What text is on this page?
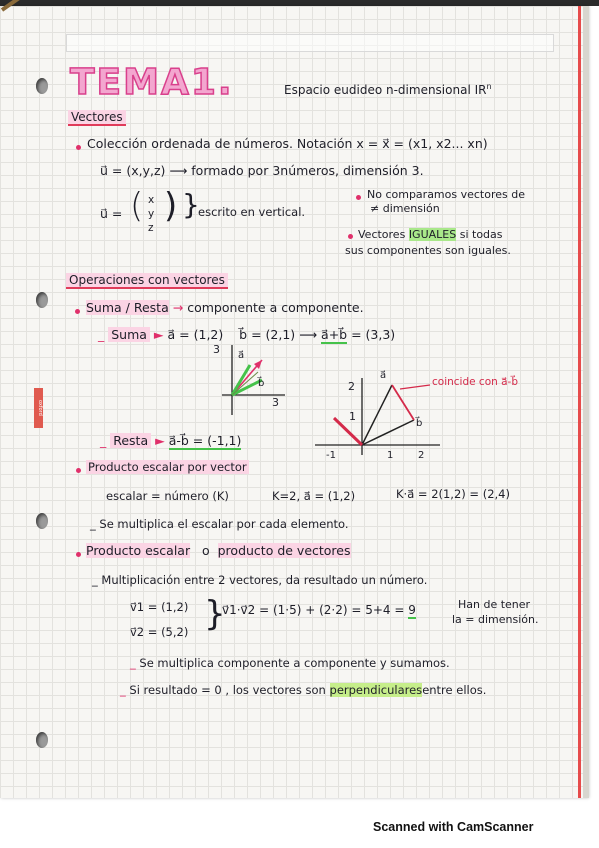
oxford
TEMA1.	Espacio eudideo n-dimensional $IR^n$
Vectores
Colección ordenada de números. Notación x = x⃗ = (x1, x2... xn)
u⃗ = (x,y,z) ⟶ formado por 3números, dimensión 3.
u⃗ = ( x
y
z
) }
escrito en vertical.
No comparamos vectores de
≠ dimensión
Vectores IGUALES si todas
sus componentes son iguales.
Operaciones con vectores
Suma / Resta → componente a componente.
_ Suma ► a⃗ = (1,2) b⃗ = (2,1) ⟶ a⃗+b⃗ = (3,3)
3
3
a⃗
b⃗	2
1
-1	1 2
a⃗
b⃗
coincide con a⃗-b⃗
_ Resta ► a⃗-b⃗ = (-1,1)
Producto escalar por vector
escalar = número (K)	K=2, a⃗ = (1,2)	K·a⃗ = 2(1,2) = (2,4)
_ Se multiplica el escalar por cada elemento.
Producto escalar o producto de vectores
_ Multiplicación entre 2 vectores, da resultado un número.
v⃗1 = (1,2)
v⃗2 = (5,2) }
v⃗1·v⃗2 = (1·5) + (2·2) = 5+4 = 9	Han de tener
la = dimensión.
_ Se multiplica componente a componente y sumamos.
_ Si resultado = 0 , los vectores son perpendicularesentre ellos.
Scanned with CamScanner
